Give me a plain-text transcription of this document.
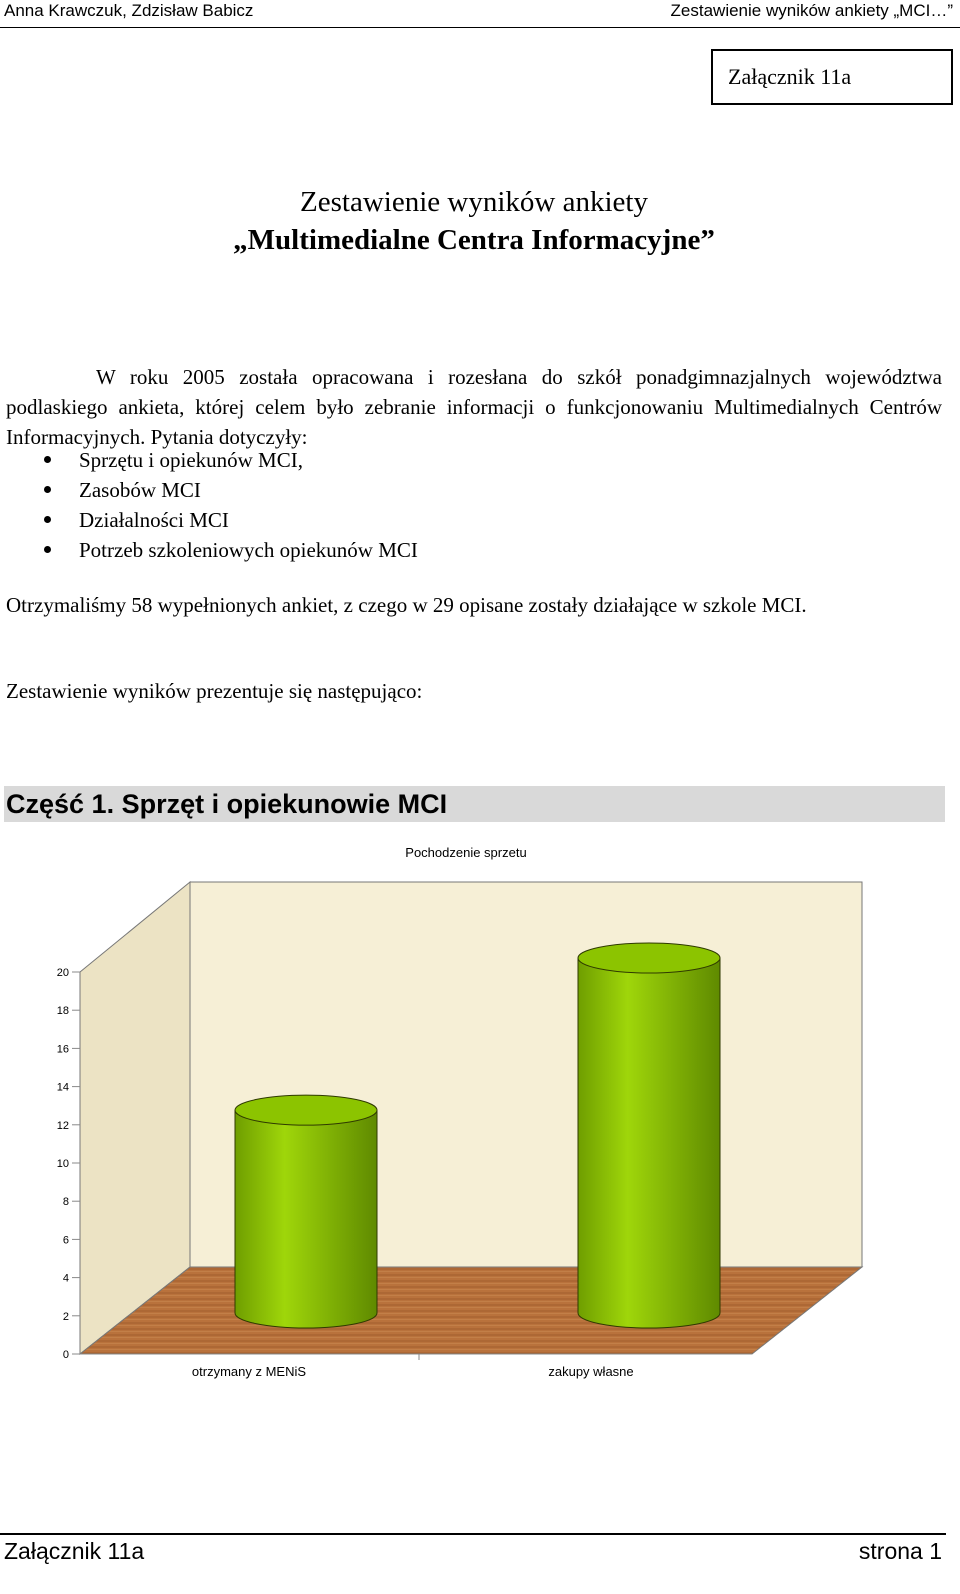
Anna Krawczuk, Zdzisław Babicz	Zestawienie wyników ankiety „MCI…”
Załącznik 11a
Zestawienie wyników ankiety
„Multimedialne Centra Informacyjne”

W roku 2005 została opracowana i rozesłana do szkół ponadgimnazjalnych województwa podlaskiego ankieta, której celem było zebranie informacji o funkcjonowaniu Multimedialnych Centrów Informacyjnych. Pytania dotyczyły:

Sprzętu i opiekunów MCI,
Zasobów MCI
Działalności MCI
Potrzeb szkoleniowych opiekunów MCI

Otrzymaliśmy 58 wypełnionych ankiet, z czego w 29 opisane zostały działające w szkole MCI.

Zestawienie wyników prezentuje się następująco:

Część 1. Sprzęt i opiekunowie MCI
Pochodzenie sprzetu
0
2
4
6
8
10
12
14
16
18
20
otrzymany z MENiS	zakupy własne
Załącznik 11a	strona 1
